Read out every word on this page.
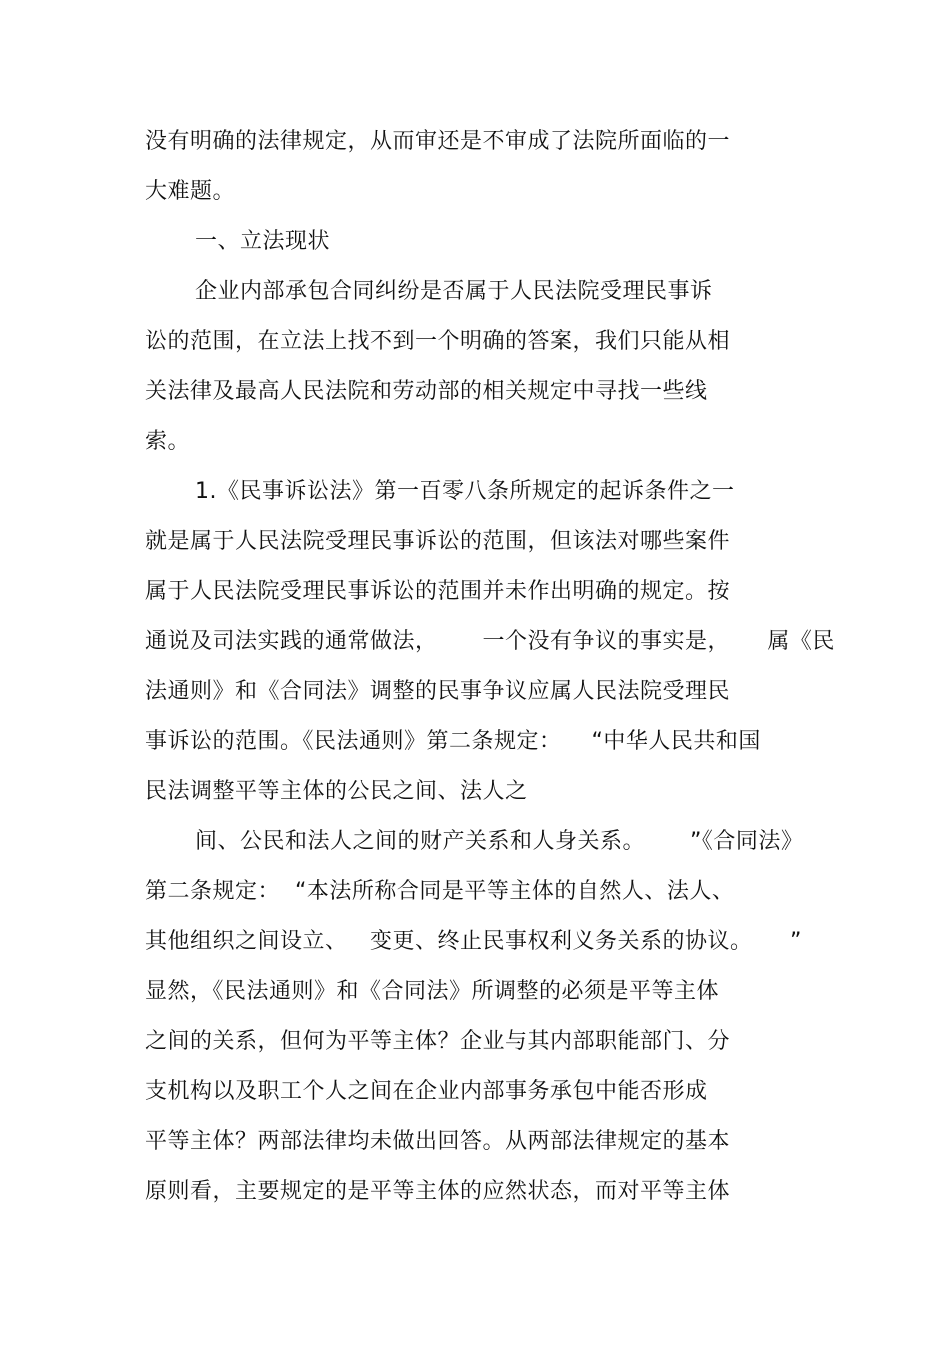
没有明确的法律规定，从而审还是不审成了法院所面临的一
大难题。
一、立法现状
企业内部承包合同纠纷是否属于人民法院受理民事诉
讼的范围，在立法上找不到一个明确的答案，我们只能从相
关法律及最高人民法院和劳动部的相关规定中寻找一些线
索。
1.《民事诉讼法》第一百零八条所规定的起诉条件之一
就是属于人民法院受理民事诉讼的范围，但该法对哪些案件
属于人民法院受理民事诉讼的范围并未作出明确的规定。按
通说及司法实践的通常做法，      一个没有争议的事实是，     属《民
法通则》和《合同法》调整的民事争议应属人民法院受理民
事诉讼的范围。《民法通则》第二条规定：    “中华人民共和国
民法调整平等主体的公民之间、法人之
间、公民和法人之间的财产关系和人身关系。      ”《合同法》
第二条规定：  “本法所称合同是平等主体的自然人、法人、
其他组织之间设立、   变更、终止民事权利义务关系的协议。     ”
显然，《民法通则》和《合同法》所调整的必须是平等主体
之间的关系，但何为平等主体？企业与其内部职能部门、分
支机构以及职工个人之间在企业内部事务承包中能否形成
平等主体？两部法律均未做出回答。从两部法律规定的基本
原则看，主要规定的是平等主体的应然状态，而对平等主体
